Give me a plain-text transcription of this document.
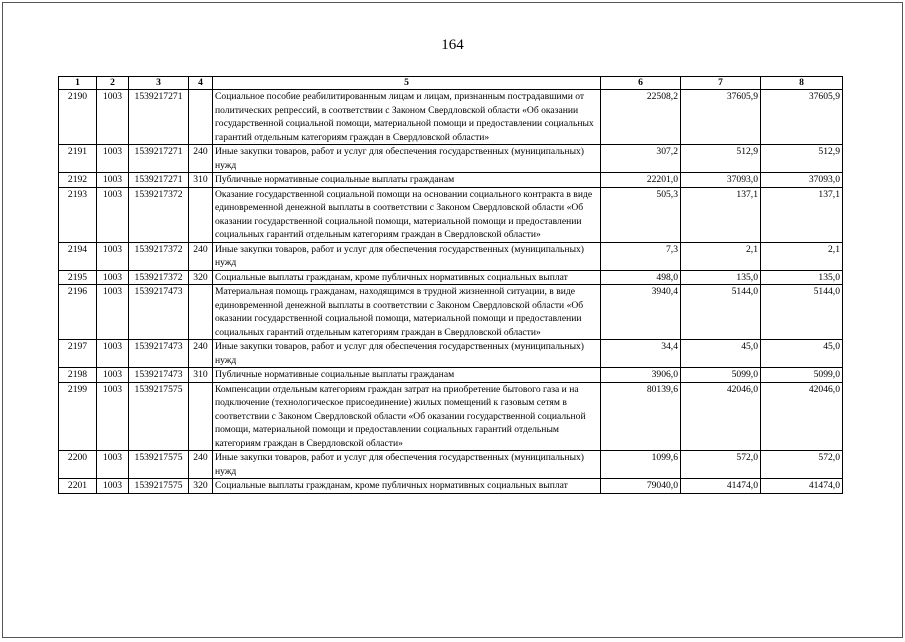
164
1	2	3	4	5	6	7	8
2190	1003	1539217271		Социальное пособие реабилитированным лицам и лицам, признанным пострадавшими от политических репрессий, в соответствии с Законом Свердловской области «Об оказании государственной социальной помощи, материальной помощи и предоставлении социальных гарантий отдельным категориям граждан в Свердловской области»	22508,2	37605,9	37605,9
2191	1003	1539217271	240	Иные закупки товаров, работ и услуг для обеспечения государственных (муниципальных) нужд	307,2	512,9	512,9
2192	1003	1539217271	310	Публичные нормативные социальные выплаты гражданам	22201,0	37093,0	37093,0
2193	1003	1539217372		Оказание государственной социальной помощи на основании социального контракта в виде единовременной денежной выплаты в соответствии с Законом Свердловской области «Об оказании государственной социальной помощи, материальной помощи и предоставлении социальных гарантий отдельным категориям граждан в Свердловской области»	505,3	137,1	137,1
2194	1003	1539217372	240	Иные закупки товаров, работ и услуг для обеспечения государственных (муниципальных) нужд	7,3	2,1	2,1
2195	1003	1539217372	320	Социальные выплаты гражданам, кроме публичных нормативных социальных выплат	498,0	135,0	135,0
2196	1003	1539217473		Материальная помощь гражданам, находящимся в трудной жизненной ситуации, в виде единовременной денежной выплаты в соответствии с Законом Свердловской области «Об оказании государственной социальной помощи, материальной помощи и предоставлении социальных гарантий отдельным категориям граждан в Свердловской области»	3940,4	5144,0	5144,0
2197	1003	1539217473	240	Иные закупки товаров, работ и услуг для обеспечения государственных (муниципальных) нужд	34,4	45,0	45,0
2198	1003	1539217473	310	Публичные нормативные социальные выплаты гражданам	3906,0	5099,0	5099,0
2199	1003	1539217575		Компенсации отдельным категориям граждан затрат на приобретение бытового газа и на подключение (технологическое присоединение) жилых помещений к газовым сетям в соответствии с Законом Свердловской области «Об оказании государственной социальной помощи, материальной помощи и предоставлении социальных гарантий отдельным категориям граждан в Свердловской области»	80139,6	42046,0	42046,0
2200	1003	1539217575	240	Иные закупки товаров, работ и услуг для обеспечения государственных (муниципальных) нужд	1099,6	572,0	572,0
2201	1003	1539217575	320	Социальные выплаты гражданам, кроме публичных нормативных социальных выплат	79040,0	41474,0	41474,0
